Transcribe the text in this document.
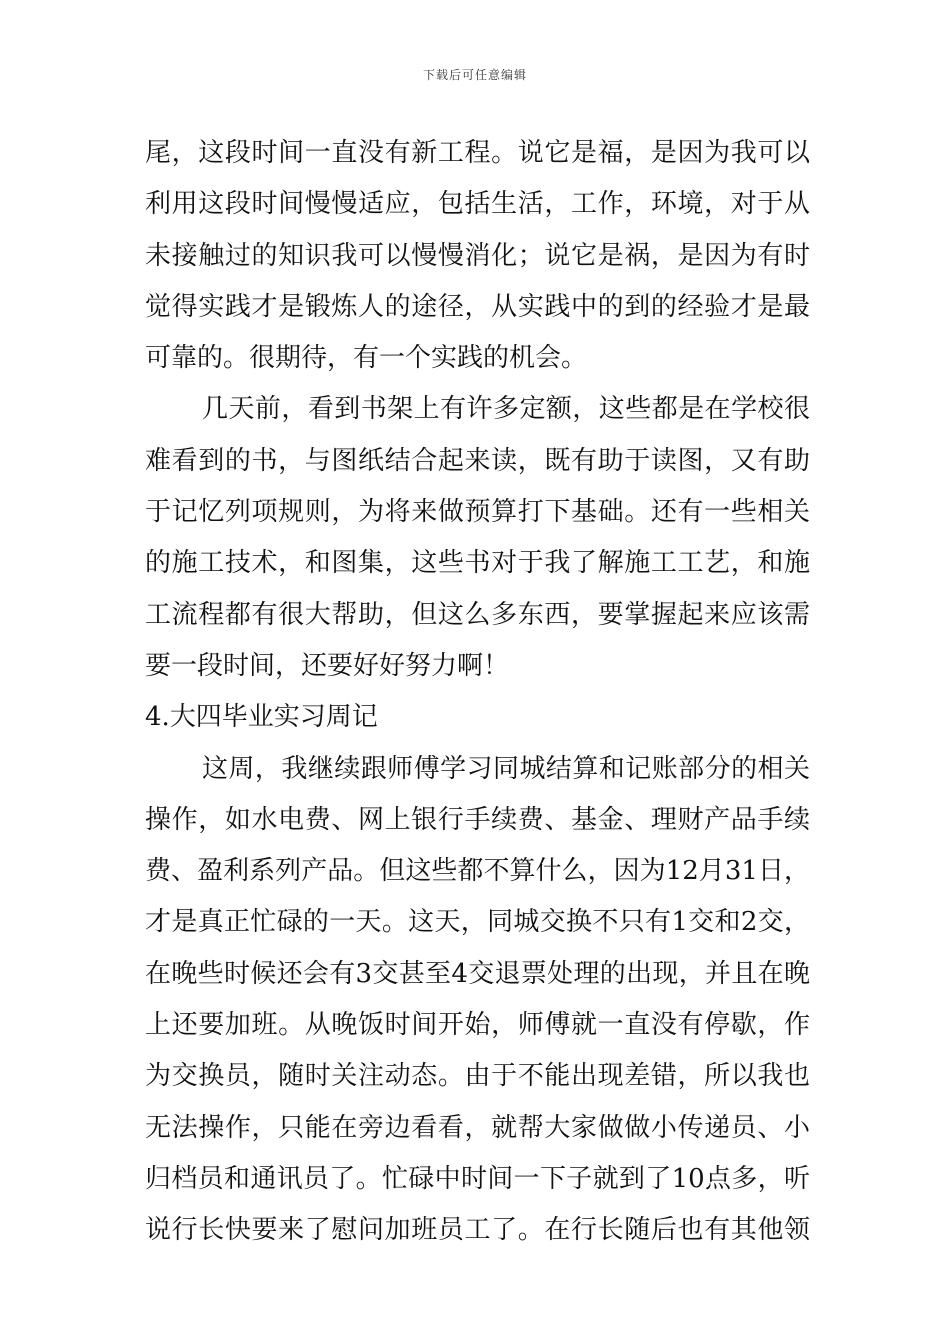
下载后可任意编辑
尾，这段时间一直没有新工程。说它是福，是因为我可以
利用这段时间慢慢适应，包括生活，工作，环境，对于从
未接触过的知识我可以慢慢消化；说它是祸，是因为有时
觉得实践才是锻炼人的途径，从实践中的到的经验才是最
可靠的。很期待，有一个实践的机会。
几天前，看到书架上有许多定额，这些都是在学校很
难看到的书，与图纸结合起来读，既有助于读图，又有助
于记忆列项规则，为将来做预算打下基础。还有一些相关
的施工技术，和图集，这些书对于我了解施工工艺，和施
工流程都有很大帮助，但这么多东西，要掌握起来应该需
要一段时间，还要好好努力啊！
4.大四毕业实习周记
这周，我继续跟师傅学习同城结算和记账部分的相关
操作，如水电费、网上银行手续费、基金、理财产品手续
费、盈利系列产品。但这些都不算什么，因为12月31日，
才是真正忙碌的一天。这天，同城交换不只有1交和2交，
在晚些时候还会有3交甚至4交退票处理的出现，并且在晚
上还要加班。从晚饭时间开始，师傅就一直没有停歇，作
为交换员，随时关注动态。由于不能出现差错，所以我也
无法操作，只能在旁边看看，就帮大家做做小传递员、小
归档员和通讯员了。忙碌中时间一下子就到了10点多，听
说行长快要来了慰问加班员工了。在行长随后也有其他领
